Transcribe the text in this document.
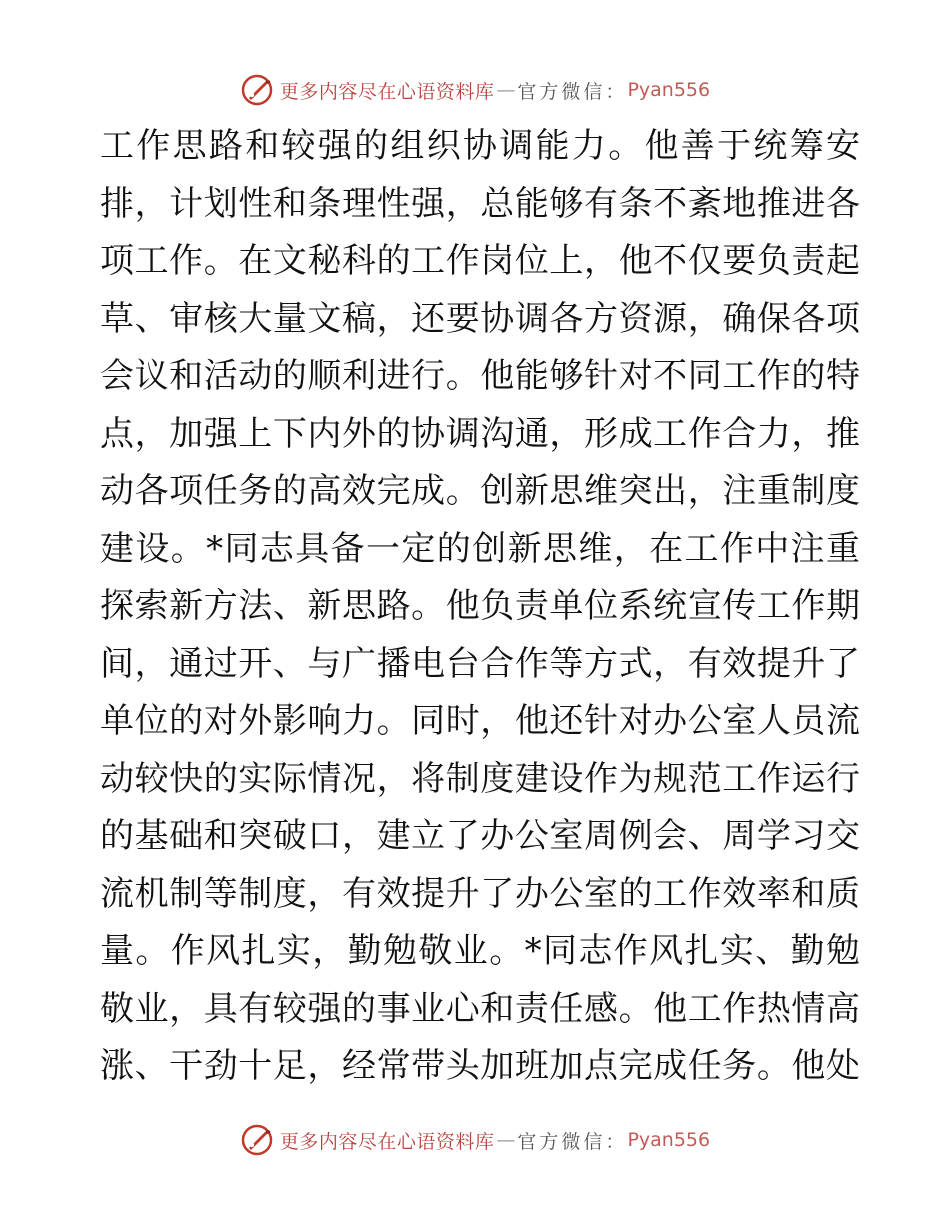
更多内容尽在心语资料库 — 官方微信： Pyan556
工作思路和较强的组织协调能力。他善于统筹安
排，计划性和条理性强，总能够有条不紊地推进各
项工作。在文秘科的工作岗位上，他不仅要负责起
草、审核大量文稿，还要协调各方资源，确保各项
会议和活动的顺利进行。他能够针对不同工作的特
点，加强上下内外的协调沟通，形成工作合力，推
动各项任务的高效完成。创新思维突出，注重制度
建设。*同志具备一定的创新思维，在工作中注重
探索新方法、新思路。他负责单位系统宣传工作期
间，通过开、与广播电台合作等方式，有效提升了
单位的对外影响力。同时，他还针对办公室人员流
动较快的实际情况，将制度建设作为规范工作运行
的基础和突破口，建立了办公室周例会、周学习交
流机制等制度，有效提升了办公室的工作效率和质
量。作风扎实，勤勉敬业。*同志作风扎实、勤勉
敬业，具有较强的事业心和责任感。他工作热情高
涨、干劲十足，经常带头加班加点完成任务。他处
更多内容尽在心语资料库 — 官方微信： Pyan556
